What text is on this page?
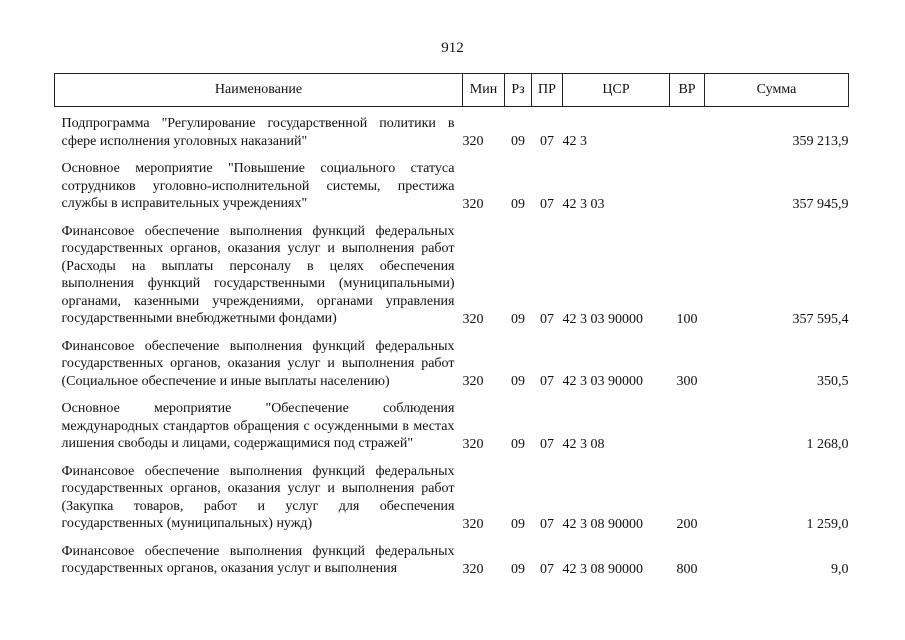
912
Наименование	Мин	Рз	ПР	ЦСР	ВР	Сумма
Подпрограмма "Регулирование государственной политики в сфере исполнения уголовных наказаний"	320	09	07	42 3		359 213,9
Основное мероприятие "Повышение социального статуса сотрудников уголовно-исполнительной системы, престижа службы в исправительных учреждениях"	320	09	07	42 3 03		357 945,9
Финансовое обеспечение выполнения функций федеральных государственных органов, оказания услуг и выполнения работ (Расходы на выплаты персоналу в целях обеспечения выполнения функций государственными (муниципальными) органами, казенными учреждениями, органами управления государственными внебюджетными фондами)	320	09	07	42 3 03 90000	100	357 595,4
Финансовое обеспечение выполнения функций федеральных государственных органов, оказания услуг и выполнения работ (Социальное обеспечение и иные выплаты населению)	320	09	07	42 3 03 90000	300	350,5
Основное мероприятие "Обеспечение соблюдения международных стандартов обращения с осужденными в местах лишения свободы и лицами, содержащимися под стражей"	320	09	07	42 3 08		1 268,0
Финансовое обеспечение выполнения функций федеральных государственных органов, оказания услуг и выполнения работ (Закупка товаров, работ и услуг для обеспечения государственных (муниципальных) нужд)	320	09	07	42 3 08 90000	200	1 259,0
Финансовое обеспечение выполнения функций федеральных государственных органов, оказания услуг и выполнения	320	09	07	42 3 08 90000	800	9,0
